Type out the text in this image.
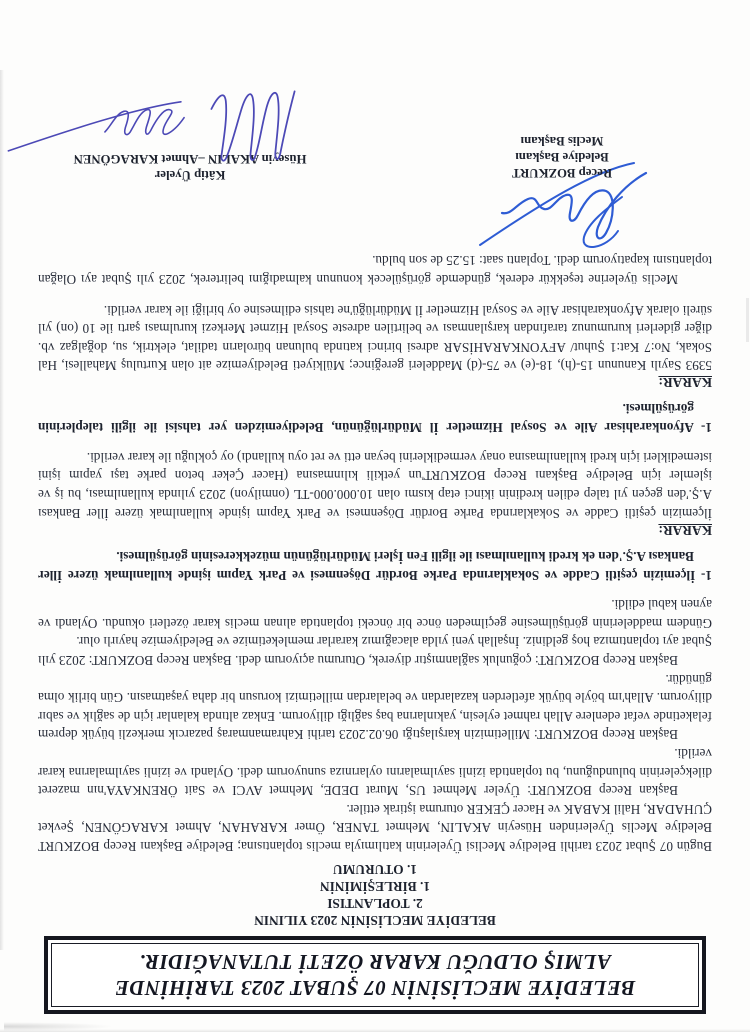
BELEDİYE MECLİSİNİN 07 ŞUBAT 2023 TARİHİNDE
ALMIŞ OLDUĞU KARAR ÖZETİ TUTANAĞIDIR.
BELEDİYE MECLİSİNİN 2023 YILININ
2. TOPLANTISI
1. BİRLEŞİMİNİN
1. OTURUMU

Bugün 07 Şubat 2023 tarihli Belediye Meclisi Üyelerinin katılımıyla meclis toplantısına; Belediye Başkanı Recep BOZKURT Belediye Meclis Üyelerinden Hüseyin AKALIN, Mehmet TANER, Ömer KARAHAN, Ahmet KARAGÖNEN, Şevket ÇUHADAR, Halil KABAK ve Hacer ÇEKER oturuma iştirak ettiler.

Başkan Recep BOZKURT: Üyeler Mehmet US, Murat DEDE, Mehmet AVCI ve Sait ÖRENKAYA'nın mazeret dilekçelerinin bulunduğunu, bu toplantıda izinli sayılmalarını oylarınıza sunuyorum dedi. Oylandı ve izinli sayılmalarına karar verildi.

Başkan Recep BOZKURT: Milletimizin karşılaştığı 06.02.2023 tarihi Kahramanmaraş pazarcık merkezli büyük deprem felaketinde vefat edenlere Allah rahmet eylesin, yakınlarına baş sağlığı diliyorum. Enkaz altında kalanlar için de sağlık ve sabır diliyorum. Allah'ım böyle büyük afetlerden kazalardan ve belalardan milletimizi korusun bir daha yaşatmasın. Gün birlik olma günüdür.

Başkan Recep BOZKURT: çoğunluk sağlanmıştır diyerek, Oturumu açıyorum dedi. Başkan Recep BOZKURT: 2023 yılı Şubat ayı toplantımıza hoş geldiniz. İnşallah yeni yılda alacağımız kararlar memleketimize ve Belediyemize hayırlı olur.

Gündem maddelerinin görüşülmesine geçilmeden önce bir önceki toplantıda alınan meclis karar özetleri okundu. Oylandı ve aynen kabul edildi.

1- İlçemizin çeşitli Cadde ve Sokaklarında Parke Bordür Döşenmesi ve Park Yapım işinde kullanılmak üzere İller Bankası A.Ş.'den ek kredi kullanılması ile ilgili Fen İşleri Müdürlüğünün müzekkeresinin görüşülmesi.

KARAR:

İlçemizin çeşitli Cadde ve Sokaklarında Parke Bordür Döşenmesi ve Park Yapım işinde kullanılmak üzere İller Bankası A.Ş.'den geçen yıl talep edilen kredinin ikinci etap kısmı olan 10.000.000-TL (onmilyon) 2023 yılında kullanılması, bu iş ve işlemler için Belediye Başkanı Recep BOZKURT'un yetkili kılınmasına (Hacer Çeker beton parke taşı yapım işini istemedikleri için kredi kullanılmasına onay vermediklerini beyan etti ve ret oyu kullandı) oy çokluğu ile karar verildi.

1- Afyonkarahisar Aile ve Sosyal Hizmetler İl Müdürlüğünün, Belediyemizden yer tahsisi ile ilgili taleplerinin görüşülmesi.

KARAR:

5393 Sayılı Kanunun 15-(h), 18-(e) ve 75-(d) Maddeleri gereğince; Mülkiyeti Belediyemize ait olan Kurtuluş Mahallesi, Hal Sokak, No:7 Kat:1 Şuhut/ AFYONKARAHİSAR adresi birinci katında bulunan büroların tadilat, elektrik, su, doğalgaz vb. diğer giderleri kurumunuz tarafından karşılanması ve belirtilen adreste Sosyal Hizmet Merkezi kurulması şartı ile 10 (on) yıl süreli olarak Afyonkarahisar Aile ve Sosyal Hizmetler İl Müdürlüğü'ne tahsis edilmesine oy birliği ile karar verildi.

Meclis üyelerine teşekkür ederek, gündemde görüşülecek konunun kalmadığını belirterek, 2023 yılı Şubat ayı Olağan toplantısını kapatıyorum dedi. Toplantı saat: 15.25 de son buldu.

Recep BOZKURT
Belediye Başkanı
Meclis Başkanı
Kâtip Üyeler
Hüseyin AKALIN –Ahmet KARAGÖNEN
